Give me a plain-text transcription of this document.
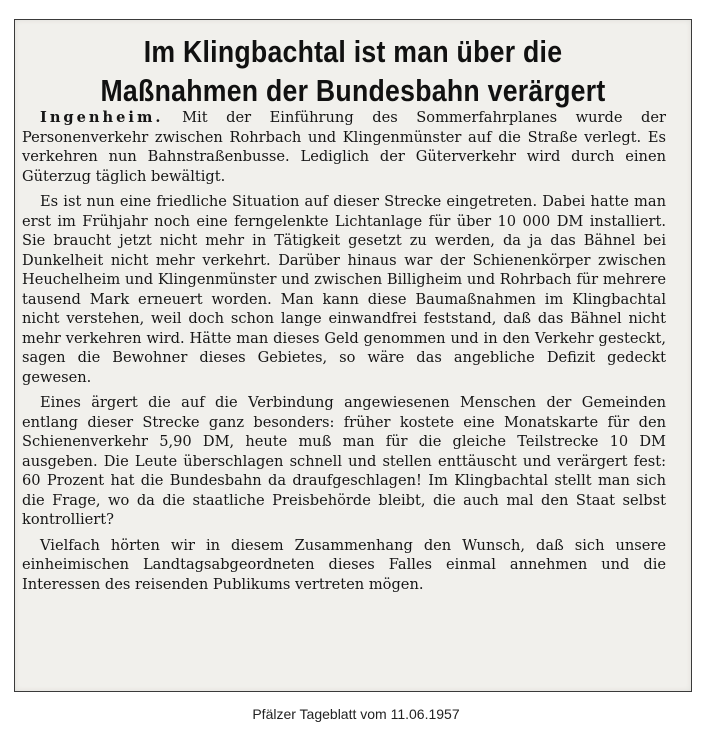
Im Klingbachtal ist man über die
Maßnahmen der Bundesbahn verärgert

Ingenheim. Mit der Einführung des Sommerfahrplanes wurde der Personenverkehr zwischen Rohrbach und Klingenmünster auf die Straße verlegt. Es verkehren nun Bahnstraßenbusse. Lediglich der Güterverkehr wird durch einen Güterzug täglich bewältigt.

Es ist nun eine friedliche Situation auf dieser Strecke eingetreten. Dabei hatte man erst im Frühjahr noch eine ferngelenkte Lichtanlage für über 10 000 DM installiert. Sie braucht jetzt nicht mehr in Tätigkeit gesetzt zu werden, da ja das Bähnel bei Dunkelheit nicht mehr verkehrt. Darüber hinaus war der Schienenkörper zwischen Heuchelheim und Klingenmünster und zwischen Billigheim und Rohrbach für mehrere tausend Mark erneuert worden. Man kann diese Baumaßnahmen im Klingbachtal nicht verstehen, weil doch schon lange einwandfrei feststand, daß das Bähnel nicht mehr verkehren wird. Hätte man dieses Geld genommen und in den Verkehr gesteckt, sagen die Bewohner dieses Gebietes, so wäre das angebliche Defizit gedeckt gewesen.

Eines ärgert die auf die Verbindung angewiesenen Menschen der Gemeinden entlang dieser Strecke ganz besonders: früher kostete eine Monatskarte für den Schienenverkehr 5,90 DM, heute muß man für die gleiche Teilstrecke 10 DM ausgeben. Die Leute überschlagen schnell und stellen enttäuscht und verärgert fest: 60 Prozent hat die Bundesbahn da draufgeschlagen! Im Klingbachtal stellt man sich die Frage, wo da die staatliche Preisbehörde bleibt, die auch mal den Staat selbst kontrolliert?

Vielfach hörten wir in diesem Zusammenhang den Wunsch, daß sich unsere einheimischen Landtagsabgeordneten dieses Falles einmal annehmen und die Interessen des reisenden Publikums vertreten mögen.

Pfälzer Tageblatt vom 11.06.1957
